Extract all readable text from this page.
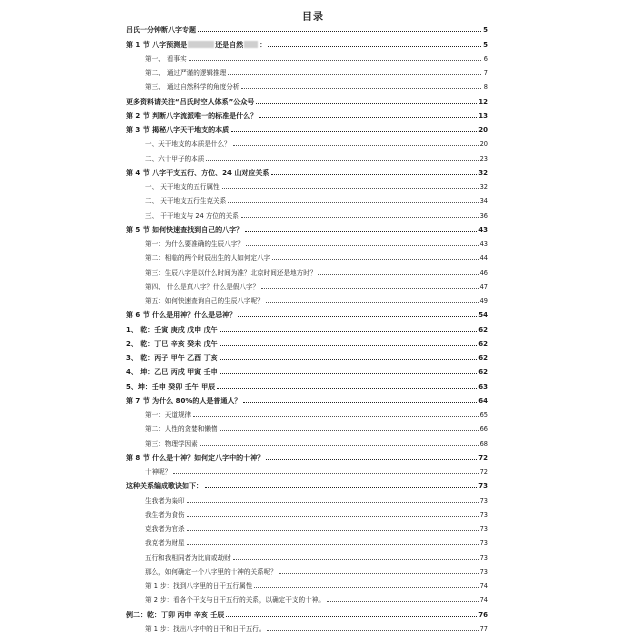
目录
吕氏一分钟断八字专题	5
第 1 节 八字预测是	还是自然 ：	5
第一、 看事实	6
第二、 通过严谨的逻辑推理	7
第三、 通过自然科学的角度分析	8
更多资料请关注“吕氏时空人体系”公众号	12
第 2 节 判断八字流派唯一的标准是什么？	13
第 3 节 揭秘八字天干地支的本质	20
一、天干地支的本质是什么？	20
二、六十甲子的本质	23
第 4 节 八字干支五行、方位、24 山对应关系	32
一、 天干地支的五行属性	32
二、 天干地支五行生克关系	34
三、 干干地支与 24 方位的关系	36
第 5 节 如何快速查找到自己的八字？	43
第一：为什么要准确的生辰八字？	43
第二：相临的两个时辰出生的人如何定八字	44
第三：生辰八字是以什么时间为准？北京时间还是地方时？	46
第四、 什么是真八字？什么是假八字？	47
第五：如何快速查询自己的生辰八字呢？	49
第 6 节 什么是用神？什么是忌神？	54
1、 乾：壬寅 庚戌 戊申 戊午	62
2、 乾：丁巳 辛亥 癸未 戊午	62
3、 乾：丙子 甲午 乙酉 丁亥	62
4、 坤：乙巳 丙戌 甲寅 壬申	62
5、坤：壬申 癸卯 壬午 甲辰	63
第 7 节 为什么 80%的人是普通人？	64
第一：天道规律	65
第二：人性的贪婪和懒惰	66
第三：物理学因素	68
第 8 节 什么是十神？如何定八字中的十神？	72
十神呢？	72
这种关系编成歌诀如下：	73
生我者为枭印	73
我生者为食伤	73
克我者为官杀	73
我克者为财星	73
五行和我相同者为比肩或劫财	73
那么，如何确定一个八字里的十神的关系呢？	73
第 1 步：找到八字里的日干五行属性	74
第 2 步：看各个干支与日干五行的关系，以确定干支的十神。	74
例二：乾：丁卯 丙申 辛亥 壬辰	76
第 1 步：找出八字中的日干和日干五行。	77
